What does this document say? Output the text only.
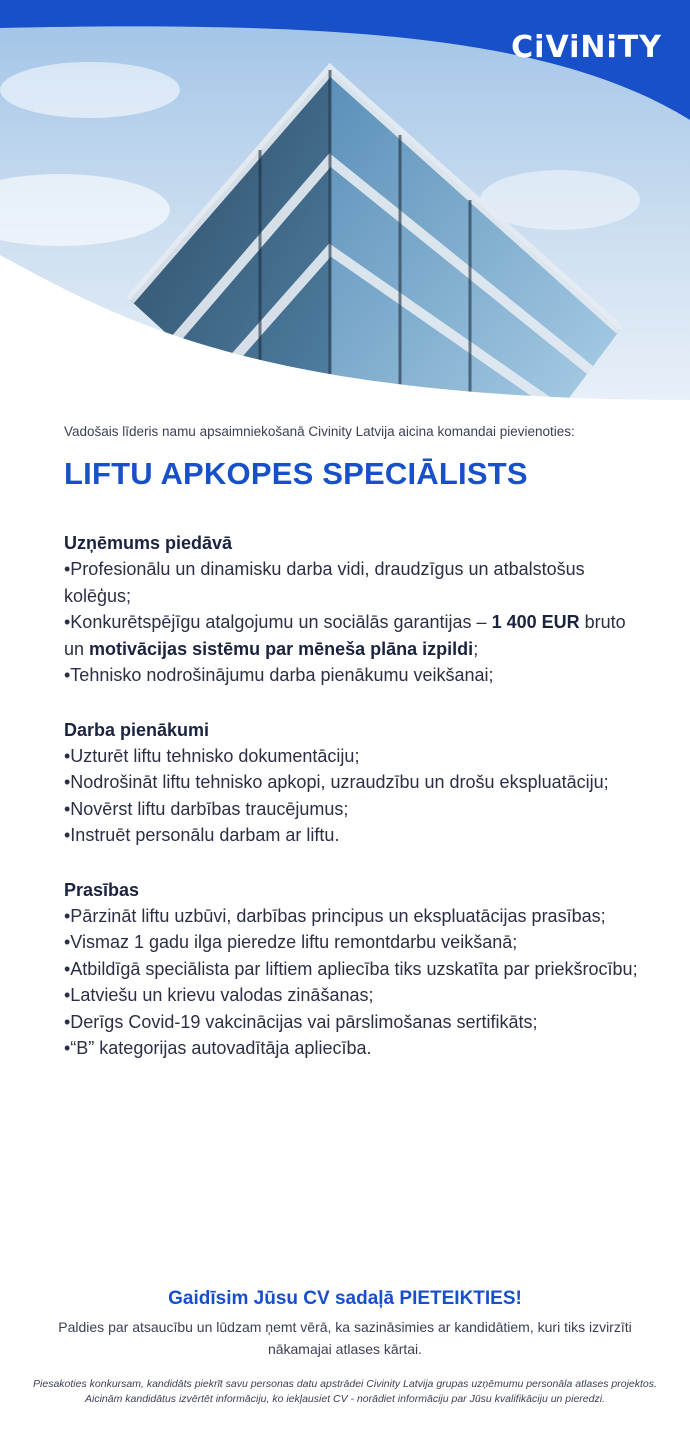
CiViNiTY
Vadošais līderis namu apsaimniekošanā Civinity Latvija aicina komandai pievienoties:
LIFTU APKOPES SPECIĀLISTS
Uzņēmums piedāvā
•Profesionālu un dinamisku darba vidi, draudzīgus un atbalstošus kolēģus;
•Konkurētspējīgu atalgojumu un sociālās garantijas – 1 400 EUR bruto un motivācijas sistēmu par mēneša plāna izpildi;
•Tehnisko nodrošinājumu darba pienākumu veikšanai;
Darba pienākumi
•Uzturēt liftu tehnisko dokumentāciju;
•Nodrošināt liftu tehnisko apkopi, uzraudzību un drošu ekspluatāciju;
•Novērst liftu darbības traucējumus;
•Instruēt personālu darbam ar liftu.
Prasības
•Pārzināt liftu uzbūvi, darbības principus un ekspluatācijas prasības;
•Vismaz 1 gadu ilga pieredze liftu remontdarbu veikšanā;
•Atbildīgā speciālista par liftiem apliecība tiks uzskatīta par priekšrocību;
•Latviešu un krievu valodas zināšanas;
•Derīgs Covid-19 vakcinācijas vai pārslimošanas sertifikāts;
•“B” kategorijas autovadītāja apliecība.
Gaidīsim Jūsu CV sadaļā PIETEIKTIES!
Paldies par atsaucību un lūdzam ņemt vērā, ka sazināsimies ar kandidātiem, kuri tiks izvirzīti nākamajai atlases kārtai.
Piesakoties konkursam, kandidāts piekrīt savu personas datu apstrādei Civinity Latvija grupas uzņēmumu personāla atlases projektos. Aicinām kandidātus izvērtēt informāciju, ko iekļausiet CV - norādiet informāciju par Jūsu kvalifikāciju un pieredzi.
